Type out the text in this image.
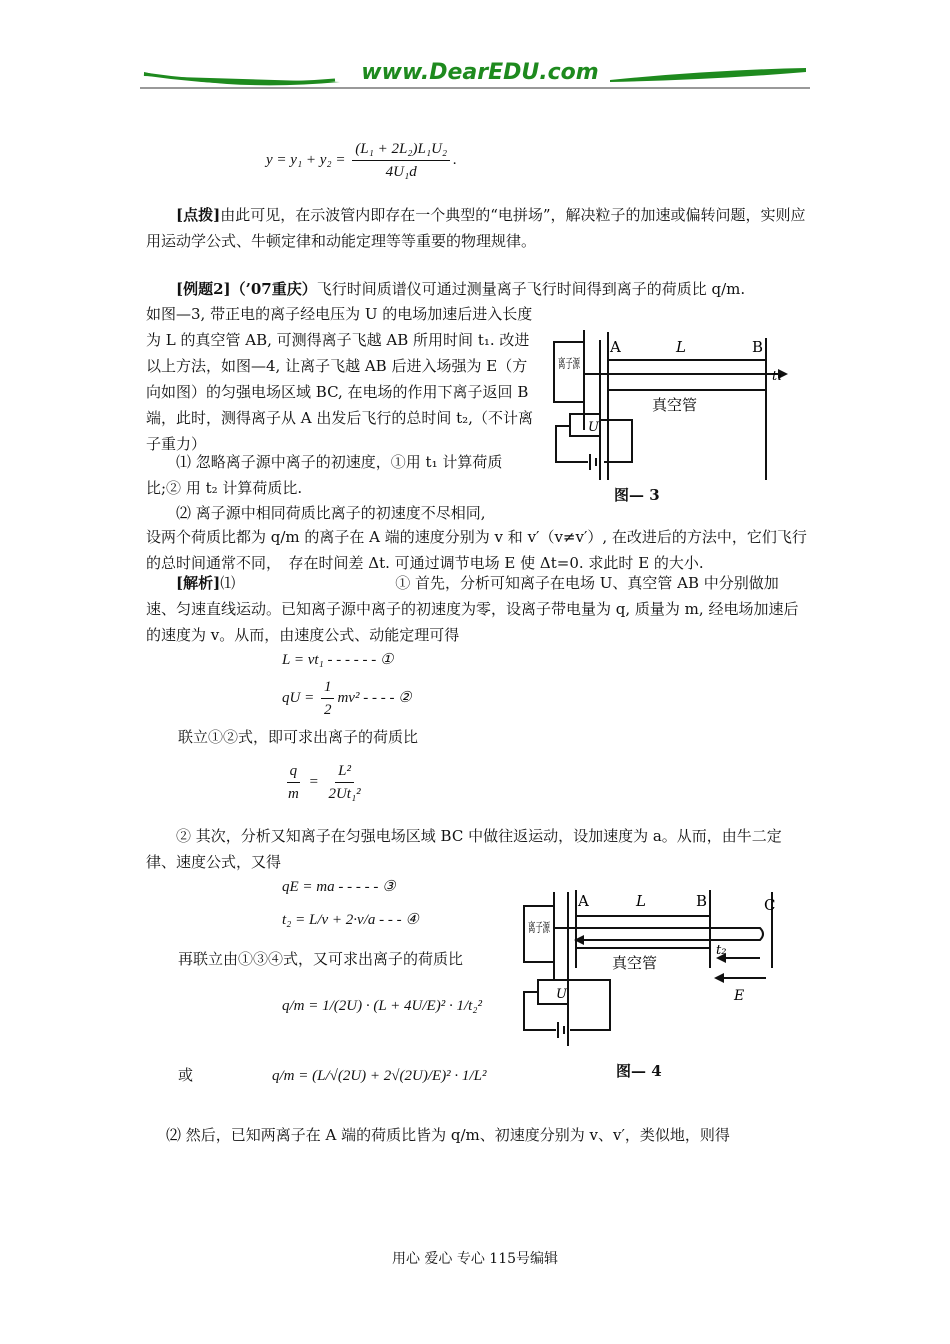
www.DearEDU.com
$y = y_1 + y_2 = \frac{\text{(L₁ + 2L₂)L₁U₂}}{\text{4U₁d}}$ .
[点拨]由此可见，在示波管内即存在一个典型的“电拼场”，解决粒子的加速或偏转问题，实则应用运动学公式、牛顿定律和动能定理等等重要的物理规律。
[例题2]（’07重庆）飞行时间质谱仪可通过测量离子飞行时间得到离子的荷质比 q/m.
如图—3, 带正电的离子经电压为 U 的电场加速后进入长度为 L 的真空管 AB, 可测得离子飞越 AB 所用时间 t₁. 改进以上方法，如图—4, 让离子飞越 AB 后进入场强为 E（方向如图）的匀强电场区域 BC, 在电场的作用下离子返回 B 端，此时，测得离子从 A 出发后飞行的总时间 t₂,（不计离子重力）
⑴ 忽略离子源中离子的初速度，①用 t₁ 计算荷质比;② 用 t₂ 计算荷质比.
⑵ 离子源中相同荷质比离子的初速度不尽相同,
设两个荷质比都为 q/m 的离子在 A 端的速度分别为 v 和 v′（v≠v′）, 在改进后的方法中，它们飞行的总时间通常不同，　存在时间差 Δt. 可通过调节电场 E 使 Δt=0. 求此时 E 的大小.
离子源
A	L	B
t₁
真空管
U
图— 3
[解析]⑴	① 首先，分析可知离子在电场 U、真空管 AB 中分别做加速、匀速直线运动。已知离子源中离子的初速度为零，设离子带电量为 q, 质量为 m, 经电场加速后的速度为 v。从而，由速度公式、动能定理可得
L = vt₁ - - - - - - ①
qU = $\frac{1}{2} mv^2$ - - - - ②
联立①②式，即可求出离子的荷质比
$\frac{q}{m} = \frac{\text{L²}}{\text{2Ut₁²}}$
② 其次，分析又知离子在匀强电场区域 BC 中做往返运动，设加速度为 a。从而，由牛二定律、速度公式，又得
qE = ma - - - - - ③
t₂ = L/v + 2·v/a - - - ④
再联立由①③④式，又可求出离子的荷质比
q/m = 1/(2U) · (L + 4U/E)² · 1/t₂²
或	q/m = (L/√(2U) + 2√(2U)/E)² · 1/L²
离子源
A	L	B	C
t₂
真空管
E
U
图— 4
⑵ 然后，已知两离子在 A 端的荷质比皆为 q/m、初速度分别为 v、v′，类似地，则得
用心 爱心 专心 115号编辑
